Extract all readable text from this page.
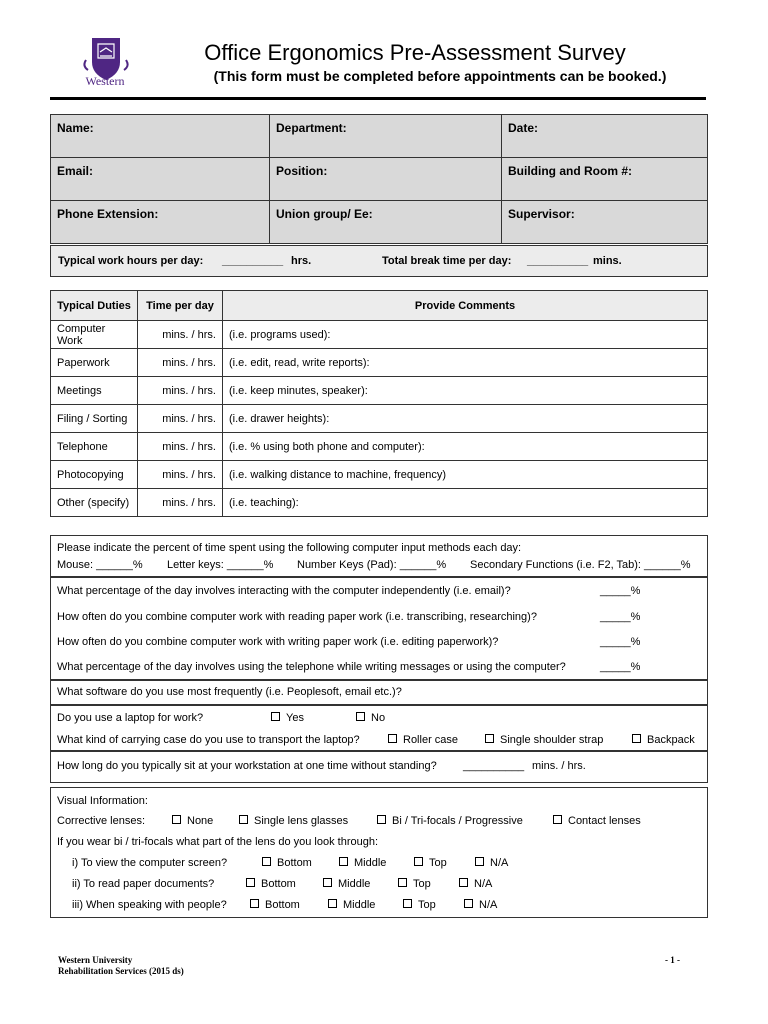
Western
Office Ergonomics Pre-Assessment Survey
(This form must be completed before appointments can be booked.)
Name:	Department:	Date:
Email:	Position:	Building and Room #:
Phone Extension:	Union group/ Ee:	Supervisor:
Typical work hours per day: __________ hrs.	Total break time per day: __________ mins.
Typical Duties	Time per day	Provide Comments
Computer Work	mins. / hrs.	(i.e. programs used):
Paperwork	mins. / hrs.	(i.e. edit, read, write reports):
Meetings	mins. / hrs.	(i.e. keep minutes, speaker):
Filing / Sorting	mins. / hrs.	(i.e. drawer heights):
Telephone	mins. / hrs.	(i.e. % using both phone and computer):
Photocopying	mins. / hrs.	(i.e. walking distance to machine, frequency)
Other (specify)	mins. / hrs.	(i.e. teaching):
Please indicate the percent of time spent using the following computer input methods each day:
Mouse: ______% Letter keys: ______% Number Keys (Pad): ______% Secondary Functions (i.e. F2, Tab): ______%
What percentage of the day involves interacting with the computer independently (i.e. email)?	_____%
How often do you combine computer work with reading paper work (i.e. transcribing, researching)?	_____%
How often do you combine computer work with writing paper work (i.e. editing paperwork)?	_____%
What percentage of the day involves using the telephone while writing messages or using the computer?	_____%
What software do you use most frequently (i.e. Peoplesoft, email etc.)?
Do you use a laptop for work?	Yes	No
What kind of carrying case do you use to transport the laptop?	Roller case	Single shoulder strap	Backpack
How long do you typically sit at your workstation at one time without standing? __________ mins. / hrs.
Visual Information:
Corrective lenses:	None	Single lens glasses	Bi / Tri-focals / Progressive	Contact lenses
If you wear bi / tri-focals what part of the lens do you look through:
i) To view the computer screen?	Bottom	Middle	Top	N/A
ii) To read paper documents?	Bottom	Middle	Top	N/A
iii) When speaking with people?	Bottom	Middle	Top	N/A
Western University
Rehabilitation Services (2015 ds)
- 1 -
